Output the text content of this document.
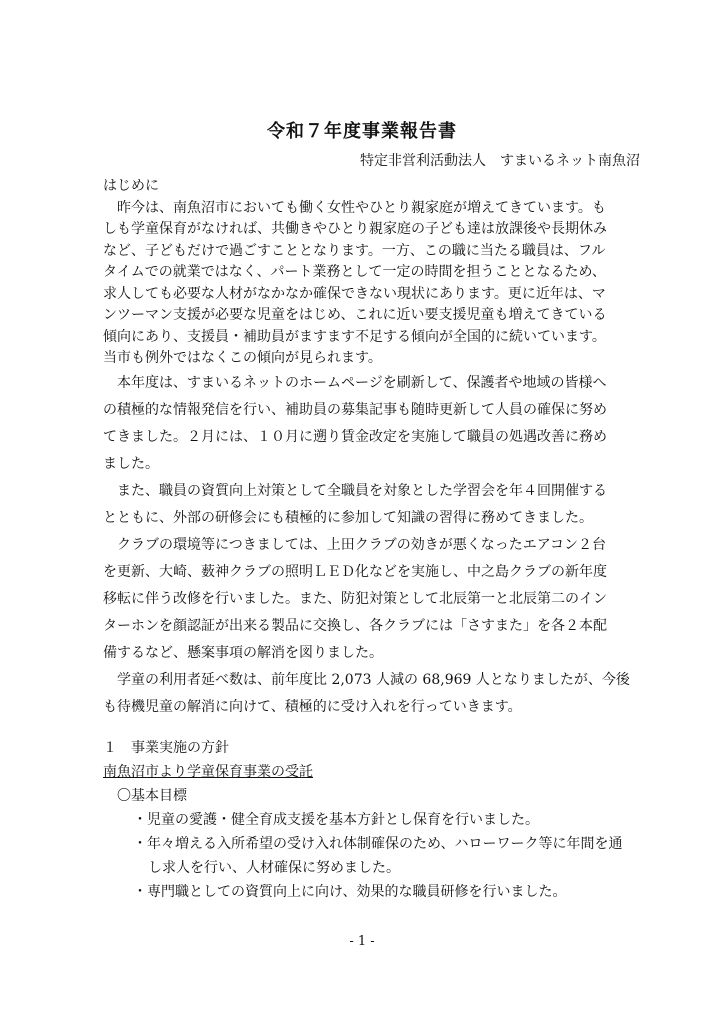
令和７年度事業報告書
特定非営利活動法人　すまいるネット南魚沼
はじめに

　昨今は、南魚沼市においても働く女性やひとり親家庭が増えてきています。も
しも学童保育がなければ、共働きやひとり親家庭の子ども達は放課後や長期休み
など、子どもだけで過ごすこととなります。一方、この職に当たる職員は、フル
タイムでの就業ではなく、パート業務として一定の時間を担うこととなるため、
求人しても必要な人材がなかなか確保できない現状にあります。更に近年は、マ
ンツーマン支援が必要な児童をはじめ、これに近い要支援児童も増えてきている
傾向にあり、支援員・補助員がますます不足する傾向が全国的に続いています。
当市も例外ではなくこの傾向が見られます。

　本年度は、すまいるネットのホームページを刷新して、保護者や地域の皆様へ
の積極的な情報発信を行い、補助員の募集記事も随時更新して人員の確保に努め
てきました。２月には、１０月に遡り賃金改定を実施して職員の処遇改善に務め
ました。
　また、職員の資質向上対策として全職員を対象とした学習会を年４回開催する
とともに、外部の研修会にも積極的に参加して知識の習得に務めてきました。
　クラブの環境等につきましては、上田クラブの効きが悪くなったエアコン２台
を更新、大崎、薮神クラブの照明ＬＥＤ化などを実施し、中之島クラブの新年度
移転に伴う改修を行いました。また、防犯対策として北辰第一と北辰第二のイン
ターホンを顔認証が出来る製品に交換し、各クラブには「さすまた」を各２本配
備するなど、懸案事項の解消を図りました。
　学童の利用者延べ数は、前年度比 2,073 人減の 68,969 人となりましたが、今後
も待機児童の解消に向けて、積極的に受け入れを行っていきます。

１　事業実施の方針
南魚沼市より学童保育事業の受託
〇基本目標
・児童の愛護・健全育成支援を基本方針とし保育を行いました。
・年々増える入所希望の受け入れ体制確保のため、ハローワーク等に年間を通
し求人を行い、人材確保に努めました。
・専門職としての資質向上に向け、効果的な職員研修を行いました。
- 1 -
